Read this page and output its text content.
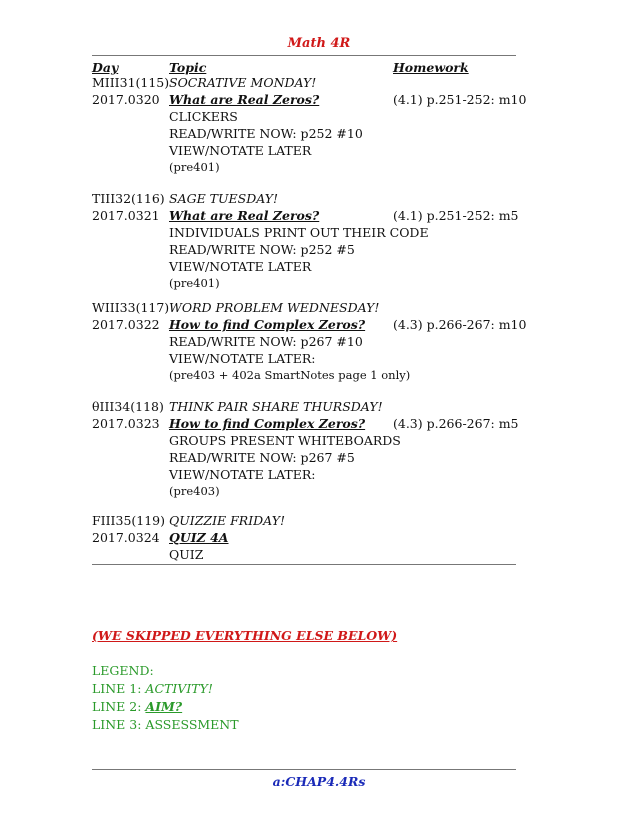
Math 4R
Day	Topic	Homework
MIII31(115) SOCRATIVE MONDAY!
2017.0320 What are Real Zeros?	(4.1) p.251-252: m10
CLICKERS
READ/WRITE NOW: p252 #10
VIEW/NOTATE LATER
(pre401)
TIII32(116) SAGE TUESDAY!
2017.0321 What are Real Zeros?	(4.1) p.251-252: m5
INDIVIDUALS PRINT OUT THEIR CODE
READ/WRITE NOW: p252 #5
VIEW/NOTATE LATER
(pre401)
WIII33(117) WORD PROBLEM WEDNESDAY!
2017.0322 How to find Complex Zeros? (4.3) p.266-267: m10
READ/WRITE NOW: p267 #10
VIEW/NOTATE LATER:
(pre403 + 402a SmartNotes page 1 only)
θIII34(118) THINK PAIR SHARE THURSDAY!
2017.0323 How to find Complex Zeros? (4.3) p.266-267: m5
GROUPS PRESENT WHITEBOARDS
READ/WRITE NOW: p267 #5
VIEW/NOTATE LATER:
(pre403)
FIII35(119) QUIZZIE FRIDAY!
2017.0324 QUIZ 4A
QUIZ
(WE SKIPPED EVERYTHING ELSE BELOW)
LEGEND:
LINE 1: ACTIVITY!
LINE 2: AIM?
LINE 3: ASSESSMENT
a:CHAP4.4Rs
